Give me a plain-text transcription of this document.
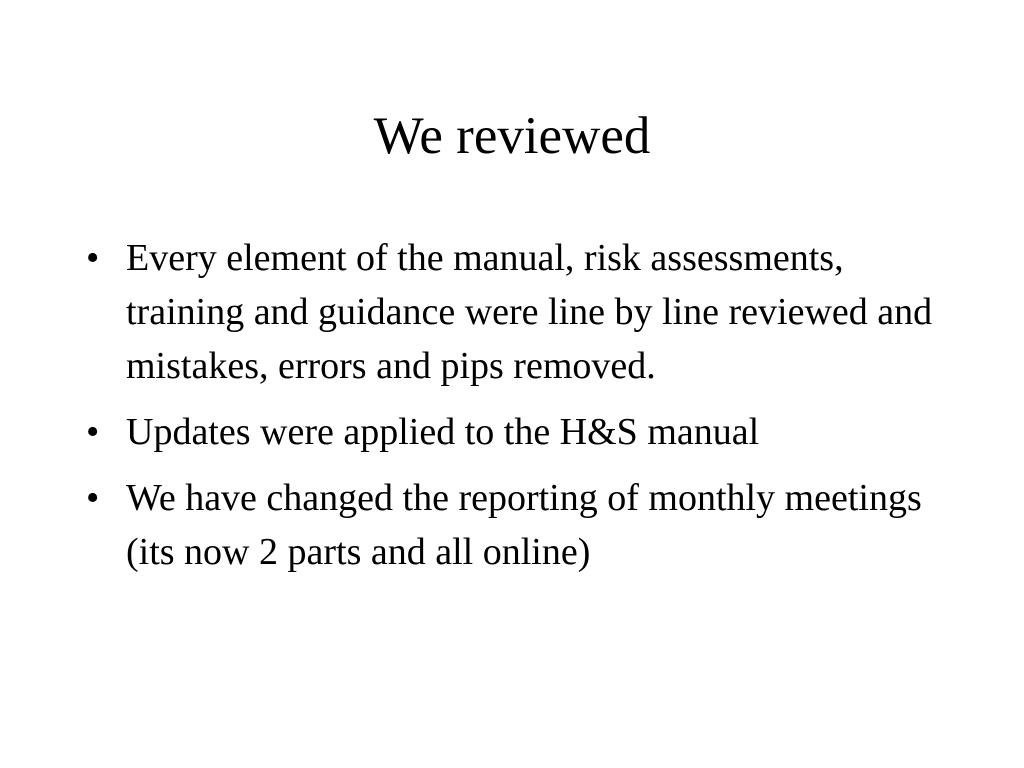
We reviewed
• Every element of the manual, risk assessments, training and guidance were line by line reviewed and mistakes, errors and pips removed.
• Updates were applied to the H&S manual
• We have changed the reporting of monthly meetings (its now 2 parts and all online)
